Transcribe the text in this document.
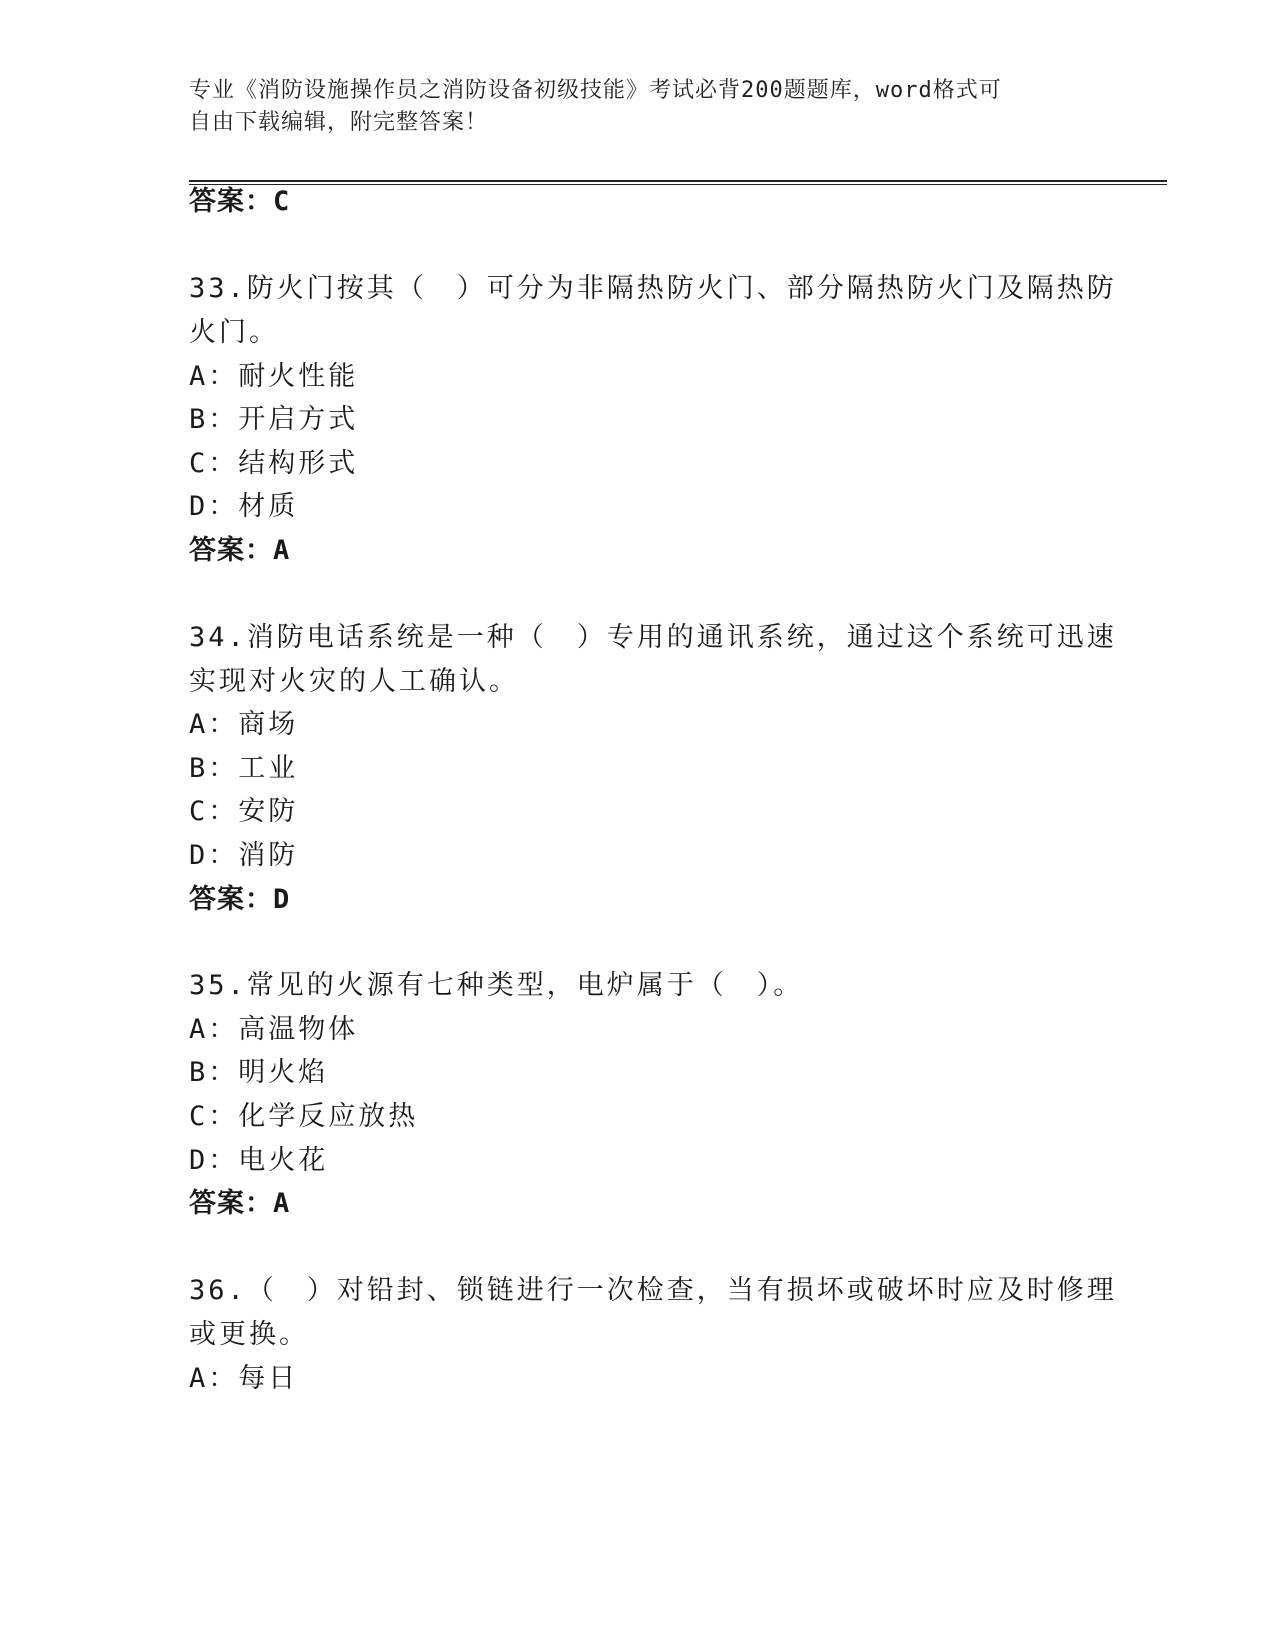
专业《消防设施操作员之消防设备初级技能》考试必背200题题库，word格式可
自由下载编辑，附完整答案！
答案：C
33.防火门按其（　）可分为非隔热防火门、部分隔热防火门及隔热防
火门。
A：耐火性能
B：开启方式
C：结构形式
D：材质
答案：A
34.消防电话系统是一种（　）专用的通讯系统，通过这个系统可迅速
实现对火灾的人工确认。
A：商场
B：工业
C：安防
D：消防
答案：D
35.常见的火源有七种类型，电炉属于（　）。
A：高温物体
B：明火焰
C：化学反应放热
D：电火花
答案：A
36.（　）对铅封、锁链进行一次检查，当有损坏或破坏时应及时修理
或更换。
A：每日
